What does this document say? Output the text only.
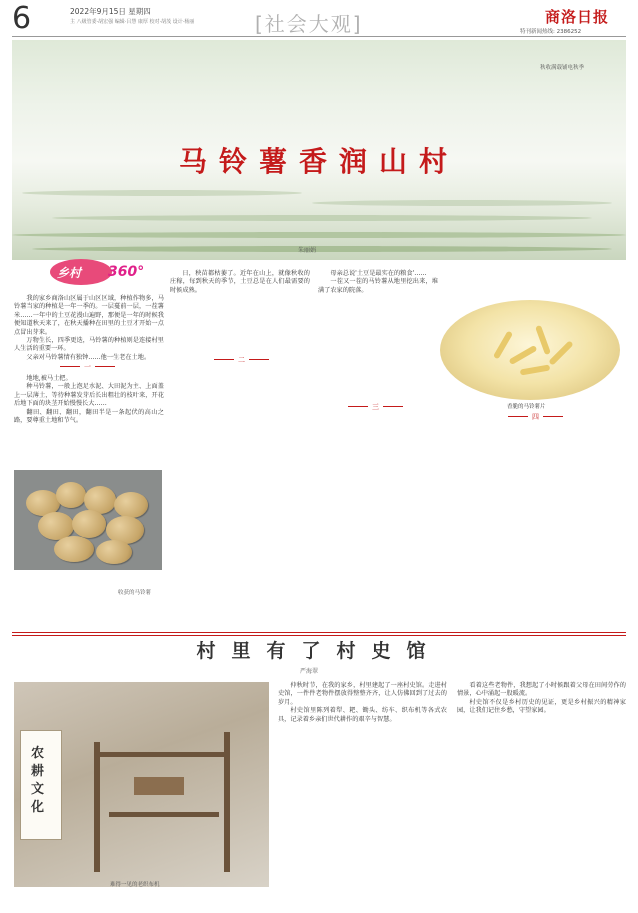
6	2022年9月15日 星期四
主 八级管委·胡宏强 编辑·吕慧 康厚 校对·胡茂 设计·杨丽	[社会大观]	商洛日报
特刊新闻热线: 2386252
秋收满载铺电秋季
马铃薯香润山村
朱丽娟
乡村 360°

我的家乡商洛山区属于山区区域，种植作物多，马铃薯当家的种植是一年一季的。一层蔓前一层，一茬薯米……一年中的土豆花漫山遍野，那便是一年的时候我便知道秋天来了，在秋天播种在田里的土豆才开始一点点冒出芽来。

万物生长，四季更迭，马铃薯的种植则是连接村里人生活的重要一环。

父亲对马铃薯情有独钟……他一生老在土地。

一

地地,被马土把。

种马铃薯，一般上泡足水泥、大田泥为主、上面盖上一层薄土，等待种薯发芽后长出粗壮的枝叶来，开花后地下面的块茎开始慢慢长大……

翻田、翻田、翻田，翻田半是一条起伏的高山之路，要尊重土地和节气。

日，秧苗都枯萎了。近年在山上，就像秋收的庄稼，每到秋天的季节，土豆总是在人们最需要的时候成熟。

二

母亲总说'土豆是最实在的粮食'……

一茬又一茬的马铃薯从地里挖出来，堆满了农家的院落。

三
四
香脆的马铃薯片
收获的马铃薯
村里有了村史馆
严海翠
农耕文化
难得一见的老织布机

仲秋时节，在我的家乡，村里建起了一座村史馆。走进村史馆，一件件老物件摆放得整整齐齐，让人仿佛回到了过去的岁月。

村史馆里陈列着犁、耙、锄头、纺车、织布机等各式农具，记录着乡亲们世代耕作的艰辛与智慧。

看着这些老物件，我想起了小时候跟着父母在田间劳作的情景，心中涌起一股暖流。

村史馆不仅是乡村历史的见证，更是乡村振兴的精神家园，让我们记住乡愁，守望家园。
